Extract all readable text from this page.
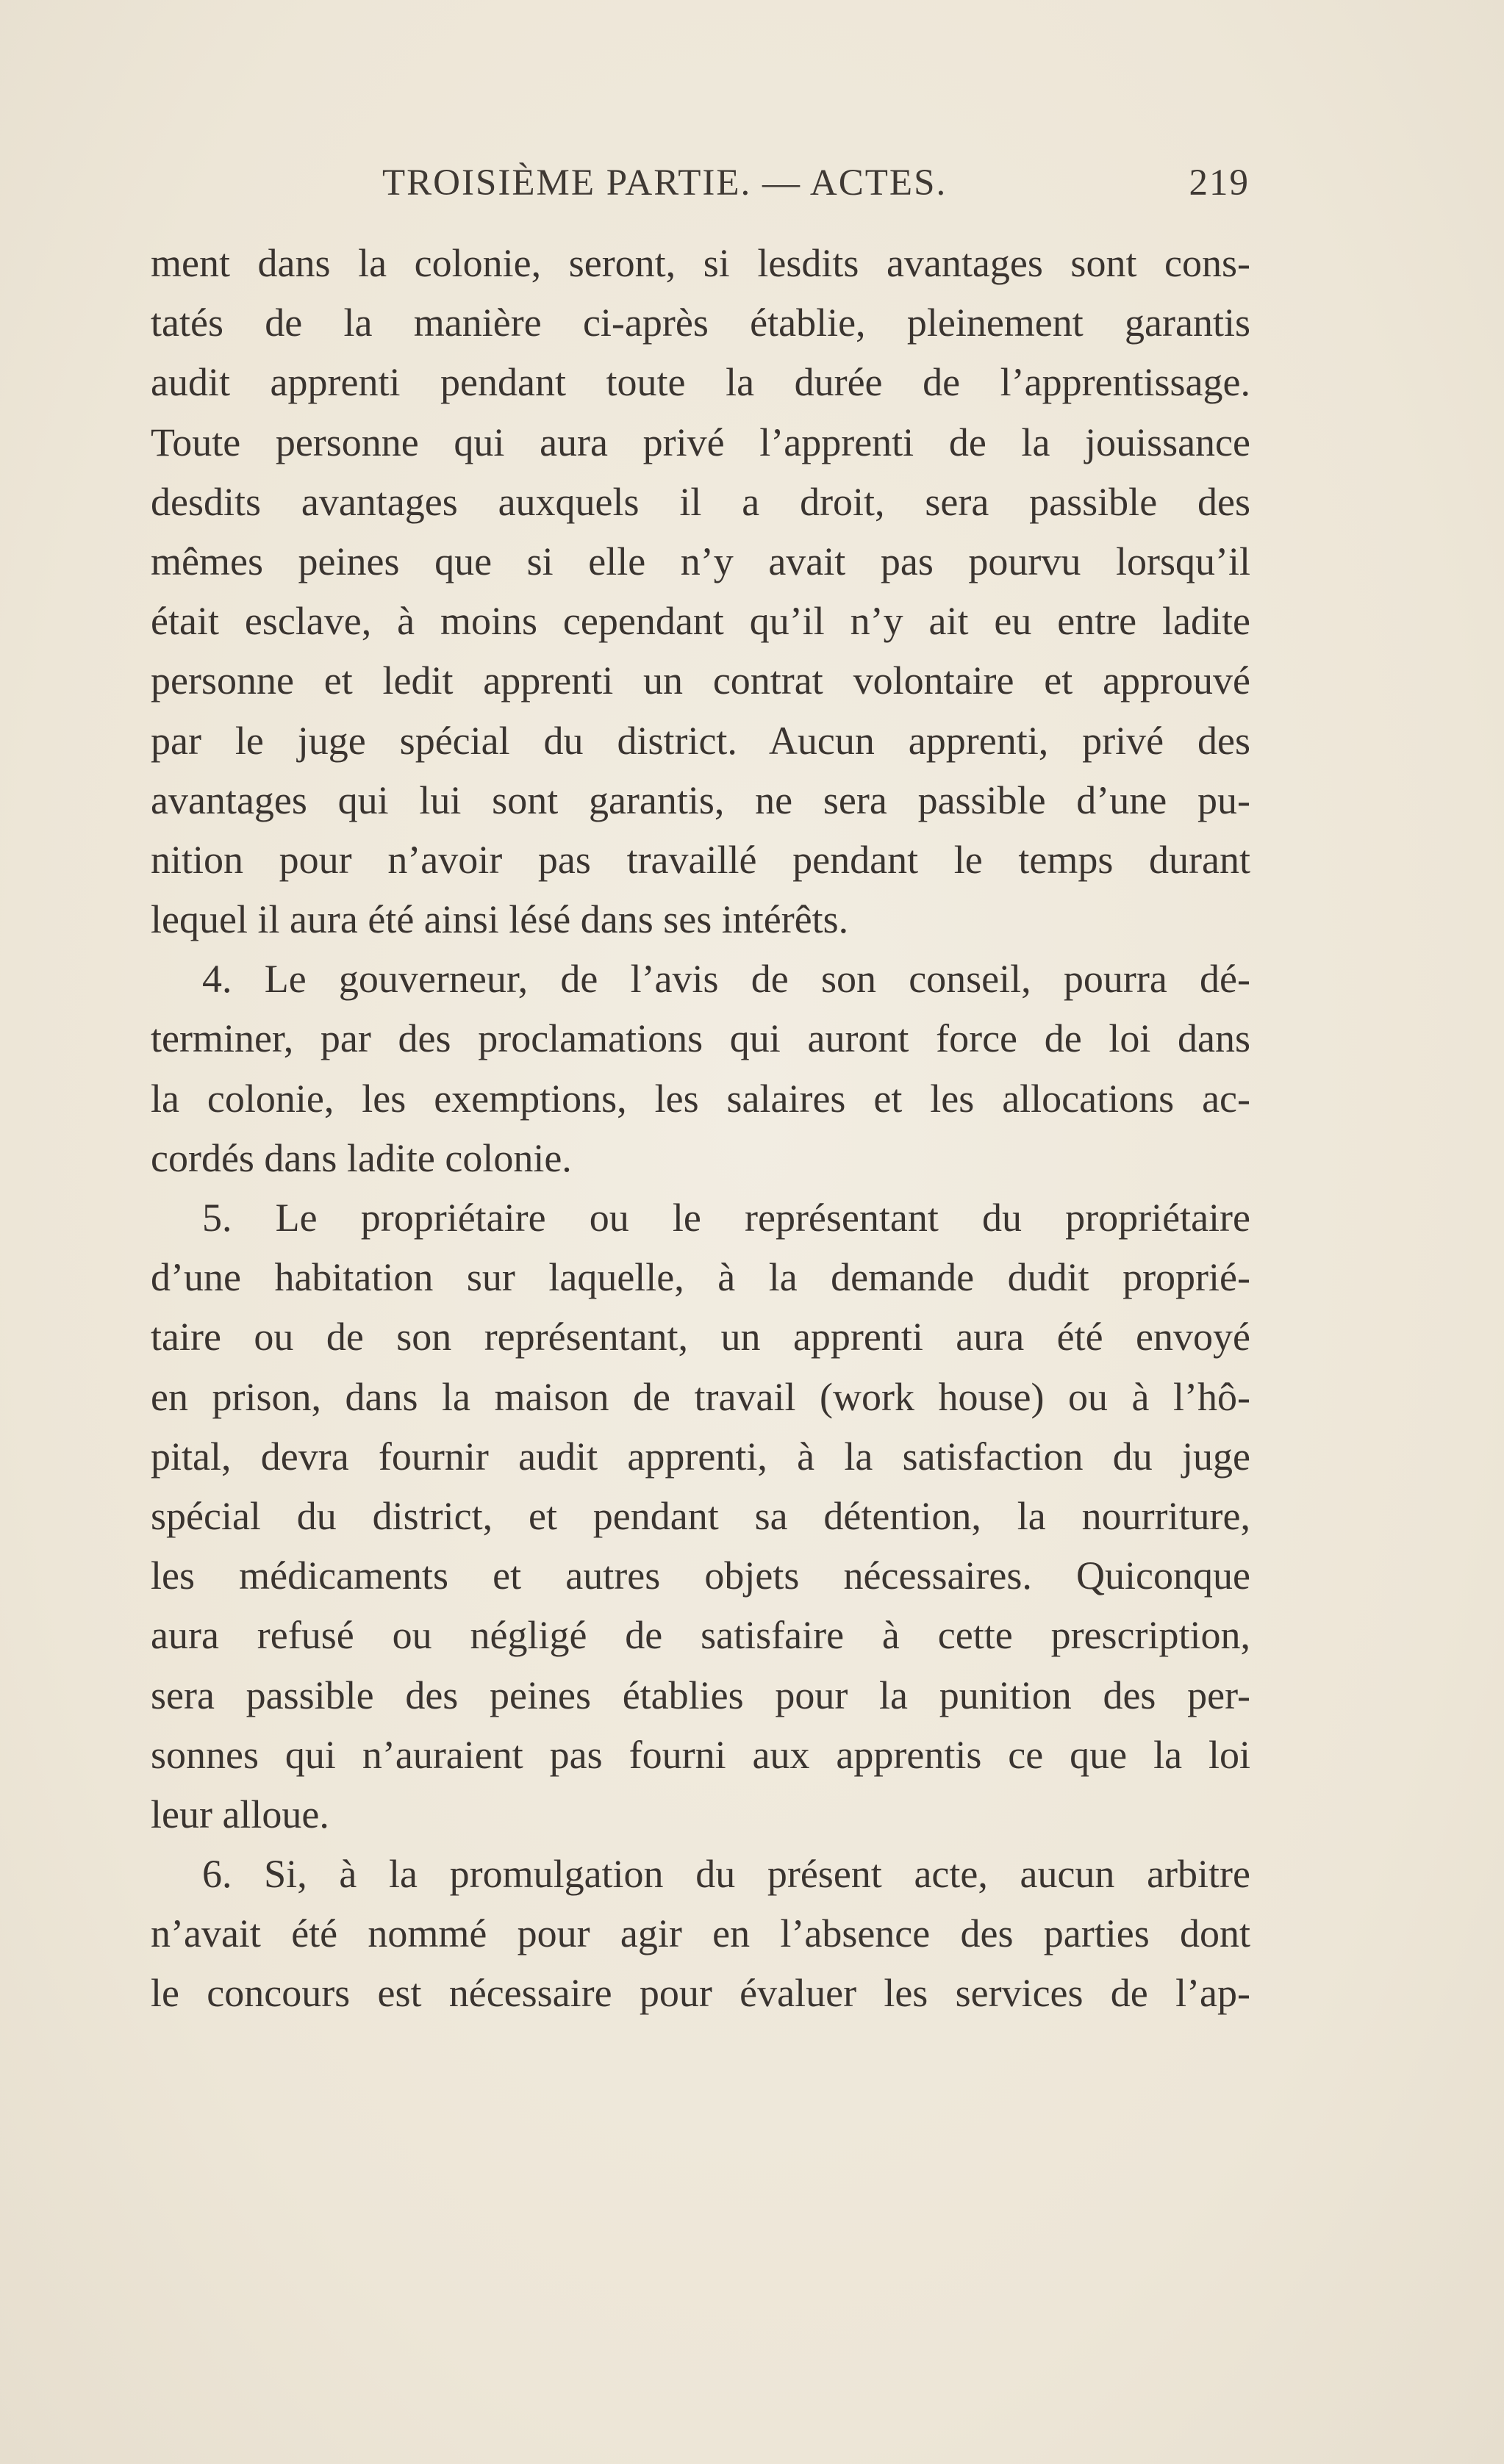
TROISIÈME PARTIE. — ACTES.	219
ment dans la colonie, seront, si lesdits avantages sont cons-
tatés de la manière ci-après établie, pleinement garantis
audit apprenti pendant toute la durée de l’apprentissage.
Toute personne qui aura privé l’apprenti de la jouissance
desdits avantages auxquels il a droit, sera passible des
mêmes peines que si elle n’y avait pas pourvu lorsqu’il
était esclave, à moins cependant qu’il n’y ait eu entre ladite
personne et ledit apprenti un contrat volontaire et approuvé
par le juge spécial du district. Aucun apprenti, privé des
avantages qui lui sont garantis, ne sera passible d’une pu-
nition pour n’avoir pas travaillé pendant le temps durant
lequel il aura été ainsi lésé dans ses intérêts.
4. Le gouverneur, de l’avis de son conseil, pourra dé-
terminer, par des proclamations qui auront force de loi dans
la colonie, les exemptions, les salaires et les allocations ac-
cordés dans ladite colonie.
5. Le propriétaire ou le représentant du propriétaire
d’une habitation sur laquelle, à la demande dudit proprié-
taire ou de son représentant, un apprenti aura été envoyé
en prison, dans la maison de travail (work house) ou à l’hô-
pital, devra fournir audit apprenti, à la satisfaction du juge
spécial du district, et pendant sa détention, la nourriture,
les médicaments et autres objets nécessaires. Quiconque
aura refusé ou négligé de satisfaire à cette prescription,
sera passible des peines établies pour la punition des per-
sonnes qui n’auraient pas fourni aux apprentis ce que la loi
leur alloue.
6. Si, à la promulgation du présent acte, aucun arbitre
n’avait été nommé pour agir en l’absence des parties dont
le concours est nécessaire pour évaluer les services de l’ap-
